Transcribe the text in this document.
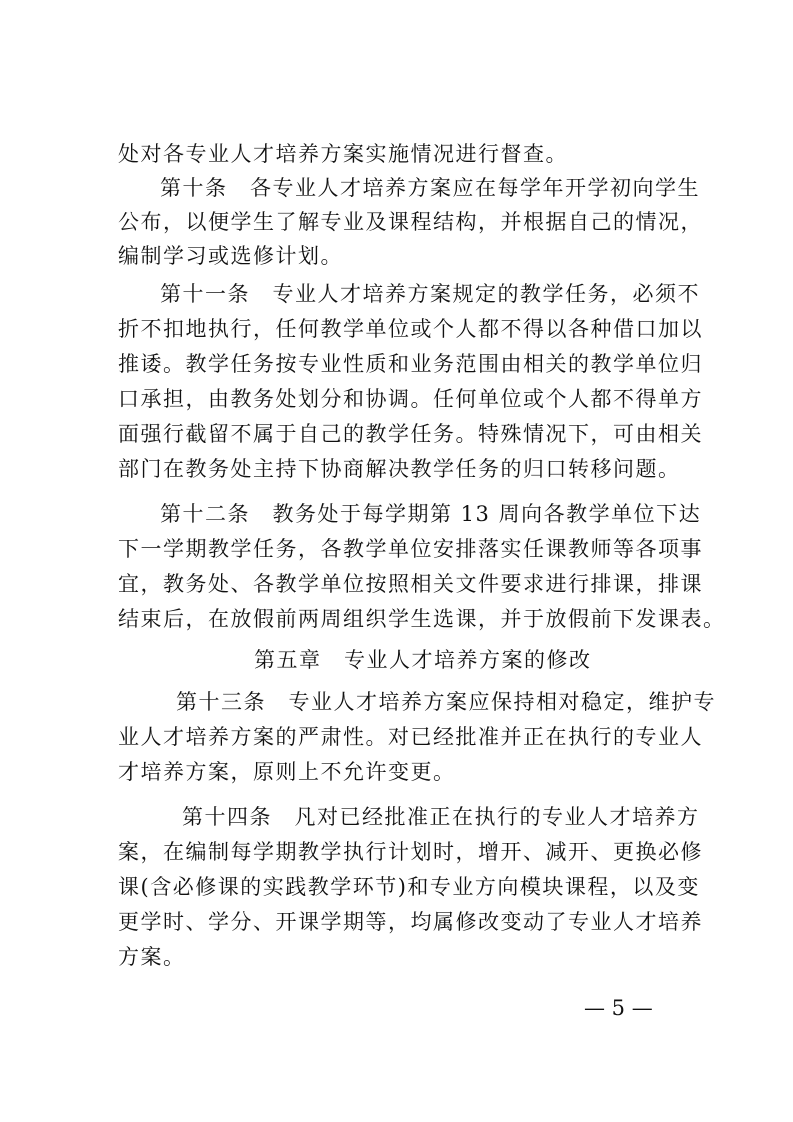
处对各专业人才培养方案实施情况进行督查。
第十条　各专业人才培养方案应在每学年开学初向学生
公布，以便学生了解专业及课程结构，并根据自己的情况，
编制学习或选修计划。
第十一条　专业人才培养方案规定的教学任务，必须不
折不扣地执行，任何教学单位或个人都不得以各种借口加以
推诿。教学任务按专业性质和业务范围由相关的教学单位归
口承担，由教务处划分和协调。任何单位或个人都不得单方
面强行截留不属于自己的教学任务。特殊情况下，可由相关
部门在教务处主持下协商解决教学任务的归口转移问题。
第十二条　教务处于每学期第 13 周向各教学单位下达
下一学期教学任务，各教学单位安排落实任课教师等各项事
宜，教务处、各教学单位按照相关文件要求进行排课，排课
结束后，在放假前两周组织学生选课，并于放假前下发课表。
第五章　专业人才培养方案的修改
第十三条　专业人才培养方案应保持相对稳定，维护专
业人才培养方案的严肃性。对已经批准并正在执行的专业人
才培养方案，原则上不允许变更。
第十四条　凡对已经批准正在执行的专业人才培养方
案，在编制每学期教学执行计划时，增开、减开、更换必修
课(含必修课的实践教学环节)和专业方向模块课程，以及变
更学时、学分、开课学期等，均属修改变动了专业人才培养
方案。
— 5 —
